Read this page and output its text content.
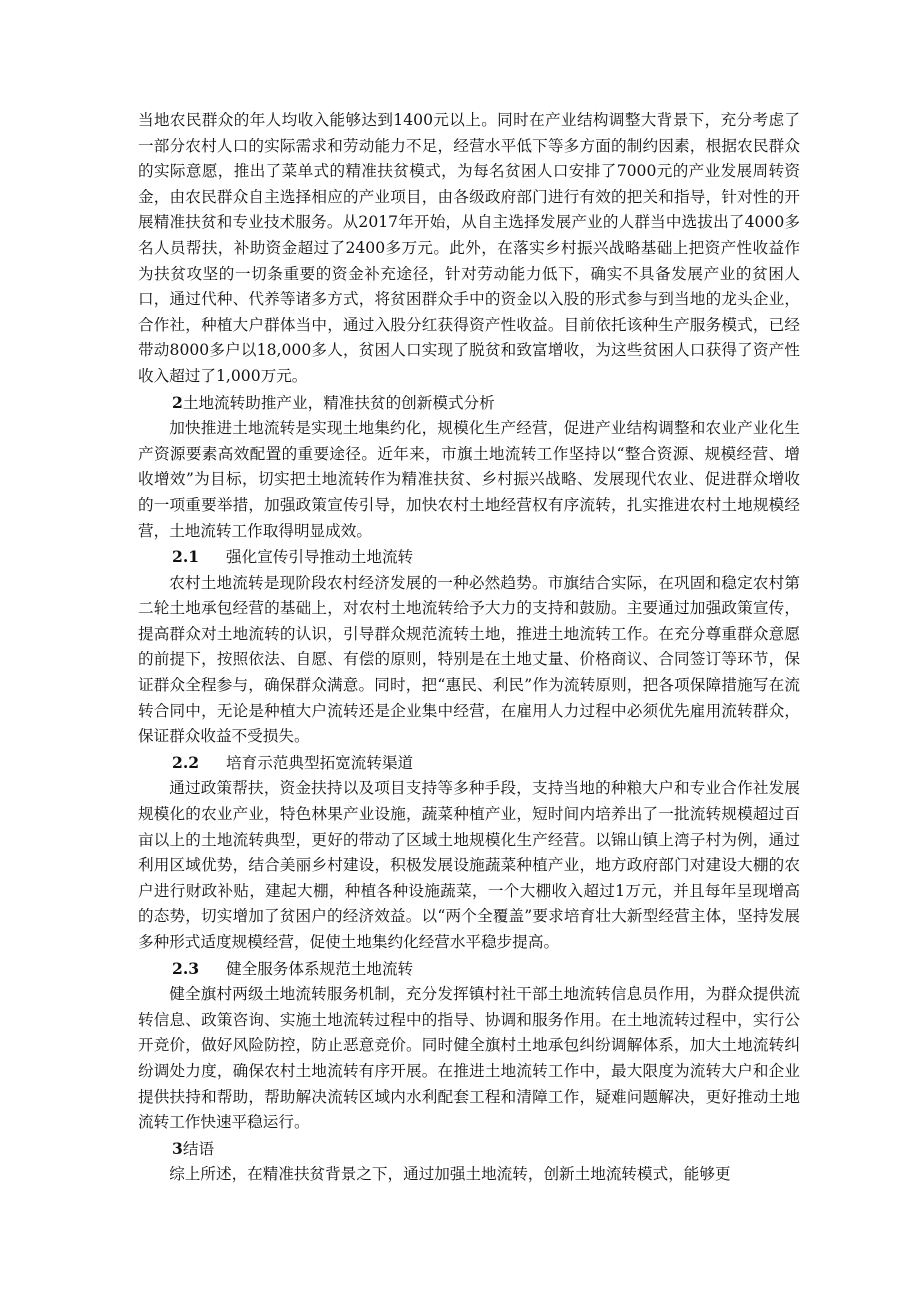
当地农民群众的年人均收入能够达到1400元以上。同时在产业结构调整大背景下，充分考虑了一部分农村人口的实际需求和劳动能力不足，经营水平低下等多方面的制约因素，根据农民群众的实际意愿，推出了菜单式的精准扶贫模式，为每名贫困人口安排了7000元的产业发展周转资金，由农民群众自主选择相应的产业项目，由各级政府部门进行有效的把关和指导，针对性的开展精准扶贫和专业技术服务。从2017年开始，从自主选择发展产业的人群当中选拔出了4000多名人员帮扶，补助资金超过了2400多万元。此外，在落实乡村振兴战略基础上把资产性收益作为扶贫攻坚的一切条重要的资金补充途径，针对劳动能力低下，确实不具备发展产业的贫困人口，通过代种、代养等诸多方式，将贫困群众手中的资金以入股的形式参与到当地的龙头企业，合作社，种植大户群体当中，通过入股分红获得资产性收益。目前依托该种生产服务模式，已经带动8000多户以18,000多人，贫困人口实现了脱贫和致富增收，为这些贫困人口获得了资产性收入超过了1,000万元。

2土地流转助推产业，精准扶贫的创新模式分析

加快推进土地流转是实现土地集约化，规模化生产经营，促进产业结构调整和农业产业化生产资源要素高效配置的重要途径。近年来，市旗土地流转工作坚持以“整合资源、规模经营、增收增效”为目标，切实把土地流转作为精准扶贫、乡村振兴战略、发展现代农业、促进群众增收的一项重要举措，加强政策宣传引导，加快农村土地经营权有序流转，扎实推进农村土地规模经营，土地流转工作取得明显成效。

2.1 强化宣传引导推动土地流转

农村土地流转是现阶段农村经济发展的一种必然趋势。市旗结合实际，在巩固和稳定农村第二轮土地承包经营的基础上，对农村土地流转给予大力的支持和鼓励。主要通过加强政策宣传，提高群众对土地流转的认识，引导群众规范流转土地，推进土地流转工作。在充分尊重群众意愿的前提下，按照依法、自愿、有偿的原则，特别是在土地丈量、价格商议、合同签订等环节，保证群众全程参与，确保群众满意。同时，把“惠民、利民”作为流转原则，把各项保障措施写在流转合同中，无论是种植大户流转还是企业集中经营，在雇用人力过程中必须优先雇用流转群众，保证群众收益不受损失。

2.2 培育示范典型拓宽流转渠道

通过政策帮扶，资金扶持以及项目支持等多种手段，支持当地的种粮大户和专业合作社发展规模化的农业产业，特色林果产业设施，蔬菜种植产业，短时间内培养出了一批流转规模超过百亩以上的土地流转典型，更好的带动了区域土地规模化生产经营。以锦山镇上湾子村为例，通过利用区域优势，结合美丽乡村建设，积极发展设施蔬菜种植产业，地方政府部门对建设大棚的农户进行财政补贴，建起大棚，种植各种设施蔬菜，一个大棚收入超过1万元，并且每年呈现增高的态势，切实增加了贫困户的经济效益。以“两个全覆盖”要求培育壮大新型经营主体，坚持发展多种形式适度规模经营，促使土地集约化经营水平稳步提高。

2.3 健全服务体系规范土地流转

健全旗村两级土地流转服务机制，充分发挥镇村社干部土地流转信息员作用，为群众提供流转信息、政策咨询、实施土地流转过程中的指导、协调和服务作用。在土地流转过程中，实行公开竞价，做好风险防控，防止恶意竞价。同时健全旗村土地承包纠纷调解体系，加大土地流转纠纷调处力度，确保农村土地流转有序开展。在推进土地流转工作中，最大限度为流转大户和企业提供扶持和帮助，帮助解决流转区域内水利配套工程和清障工作，疑难问题解决，更好推动土地流转工作快速平稳运行。

3结语

综上所述，在精准扶贫背景之下，通过加强土地流转，创新土地流转模式，能够更
